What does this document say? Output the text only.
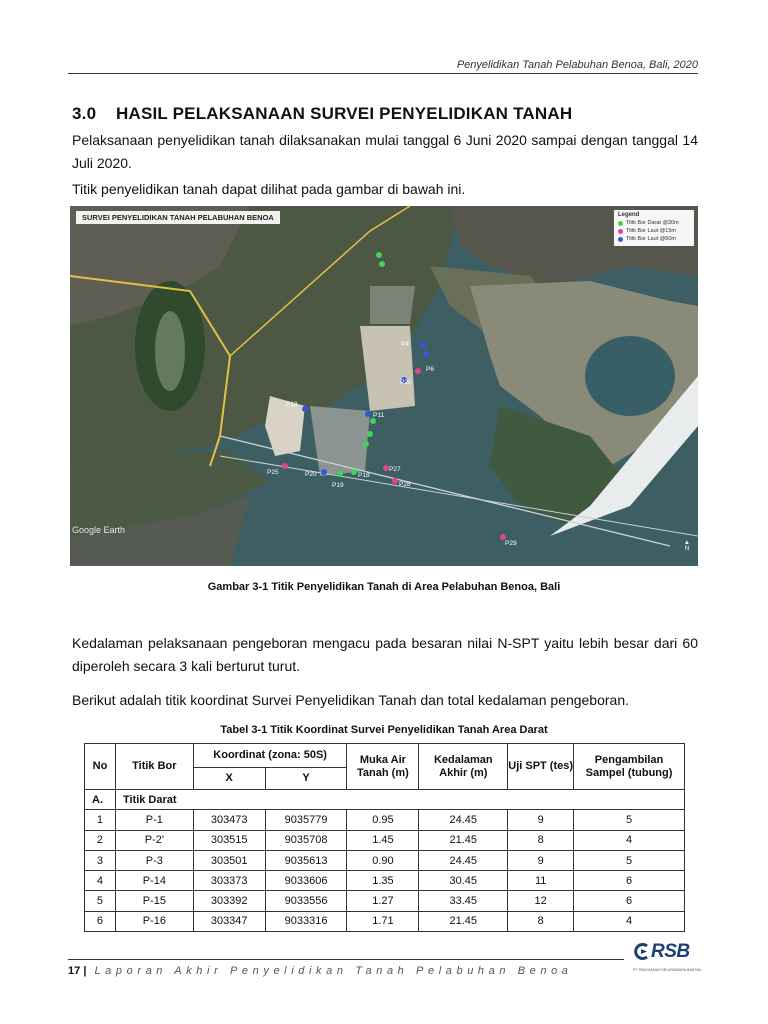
Penyelidikan Tanah Pelabuhan Benoa, Bali, 2020
3.0 HASIL PELAKSANAAN SURVEI PENYELIDIKAN TANAH

Pelaksanaan penyelidikan tanah dilaksanakan mulai tanggal 6 Juni 2020 sampai dengan tanggal 14 Juli 2020.

Titik penyelidikan tanah dapat dilihat pada gambar di bawah ini.

P4
P6
P20
P13
P11
P25	P20	P18
P19
P27
P28
P29
SURVEI PENYELIDIKAN TANAH PELABUHAN BENOA	Legend
Titik Bor Darat @30m
Titik Bor Laut @15m
Titik Bor Laut @60m
Google Earth
▲
N
Gambar 3-1 Titik Penyelidikan Tanah di Area Pelabuhan Benoa, Bali

Kedalaman pelaksanaan pengeboran mengacu pada besaran nilai N-SPT yaitu lebih besar dari 60 diperoleh secara 3 kali berturut turut.

Berikut adalah titik koordinat Survei Penyelidikan Tanah dan total kedalaman pengeboran.

Tabel 3-1 Titik Koordinat Survei Penyelidikan Tanah Area Darat
No	Titik Bor	Koordinat (zona: 50S)		Muka Air Tanah (m)	Kedalaman Akhir (m)	Uji SPT (tes)	Pengambilan Sampel (tubung)
		X	Y				
A.	Titik Darat						
1	P-1	303473	9035779	0.95	24.45	9	5
2	P-2'	303515	9035708	1.45	21.45	8	4
3	P-3	303501	9035613	0.90	24.45	9	5
4	P-14	303373	9033606	1.35	30.45	11	6
5	P-15	303392	9033556	1.27	33.45	12	6
6	P-16	303347	9033316	1.71	21.45	8	4
17 | Laporan Akhir Penyelidikan Tanah Pelabuhan Benoa
RSB
PT. RINGGAMAS SELARASBAYA BANTAN
